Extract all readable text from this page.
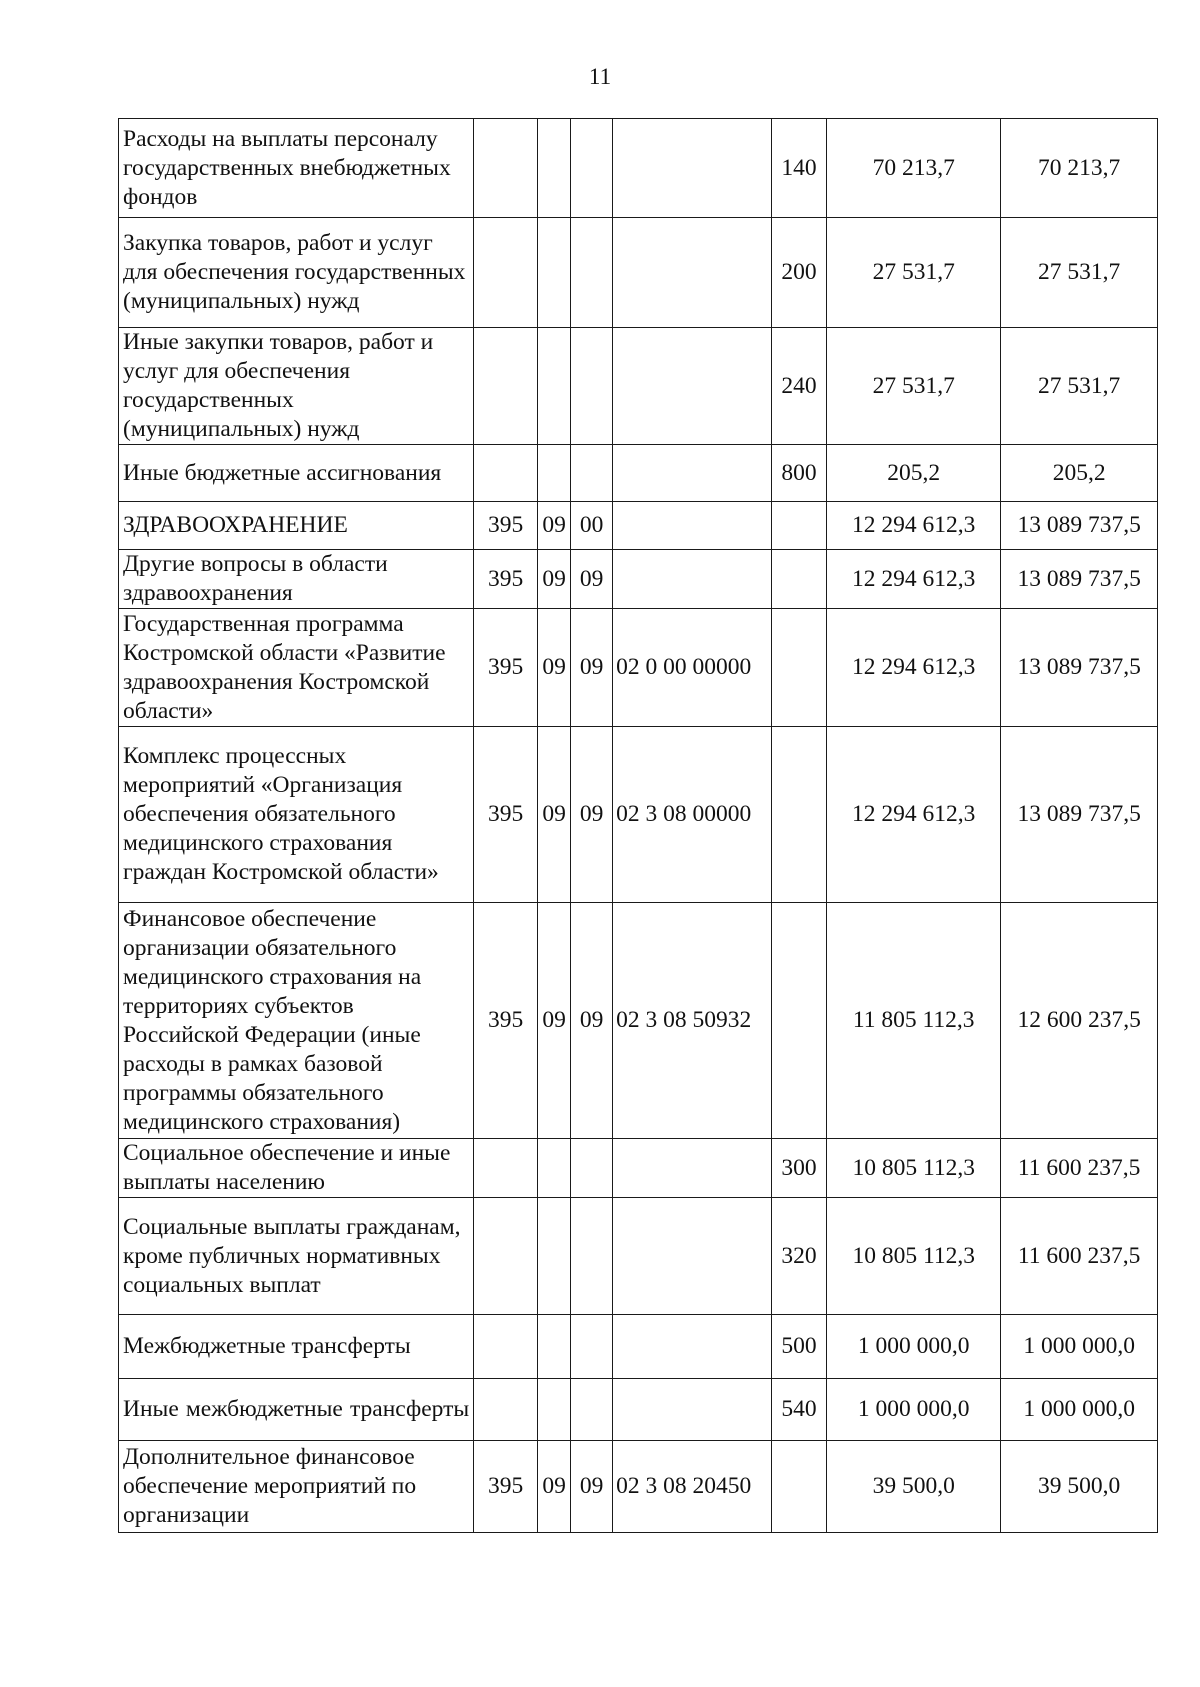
11
Расходы на выплаты персоналу государственных внебюджетных фондов					140	70 213,7	70 213,7
Закупка товаров, работ и услуг для обеспечения государственных (муниципальных) нужд					200	27 531,7	27 531,7
Иные закупки товаров, работ и услуг для обеспечения государственных (муниципальных) нужд					240	27 531,7	27 531,7
Иные бюджетные ассигнования					800	205,2	205,2
ЗДРАВООХРАНЕНИЕ	395	09	00			12 294 612,3	13 089 737,5
Другие вопросы в области здравоохранения	395	09	09			12 294 612,3	13 089 737,5
Государственная программа Костромской области «Развитие здравоохранения Костромской области»	395	09	09	02 0 00 00000		12 294 612,3	13 089 737,5
Комплекс процессных мероприятий «Организация обеспечения обязательного медицинского страхования граждан Костромской области»	395	09	09	02 3 08 00000		12 294 612,3	13 089 737,5
Финансовое обеспечение организации обязательного медицинского страхования на территориях субъектов Российской Федерации (иные расходы в рамках базовой программы обязательного медицинского страхования)	395	09	09	02 3 08 50932		11 805 112,3	12 600 237,5
Социальное обеспечение и иные выплаты населению					300	10 805 112,3	11 600 237,5
Социальные выплаты гражданам, кроме публичных нормативных социальных выплат					320	10 805 112,3	11 600 237,5
Межбюджетные трансферты					500	1 000 000,0	1 000 000,0
Иные межбюджетные трансферты					540	1 000 000,0	1 000 000,0
Дополнительное финансовое обеспечение мероприятий по организации	395	09	09	02 3 08 20450		39 500,0	39 500,0
